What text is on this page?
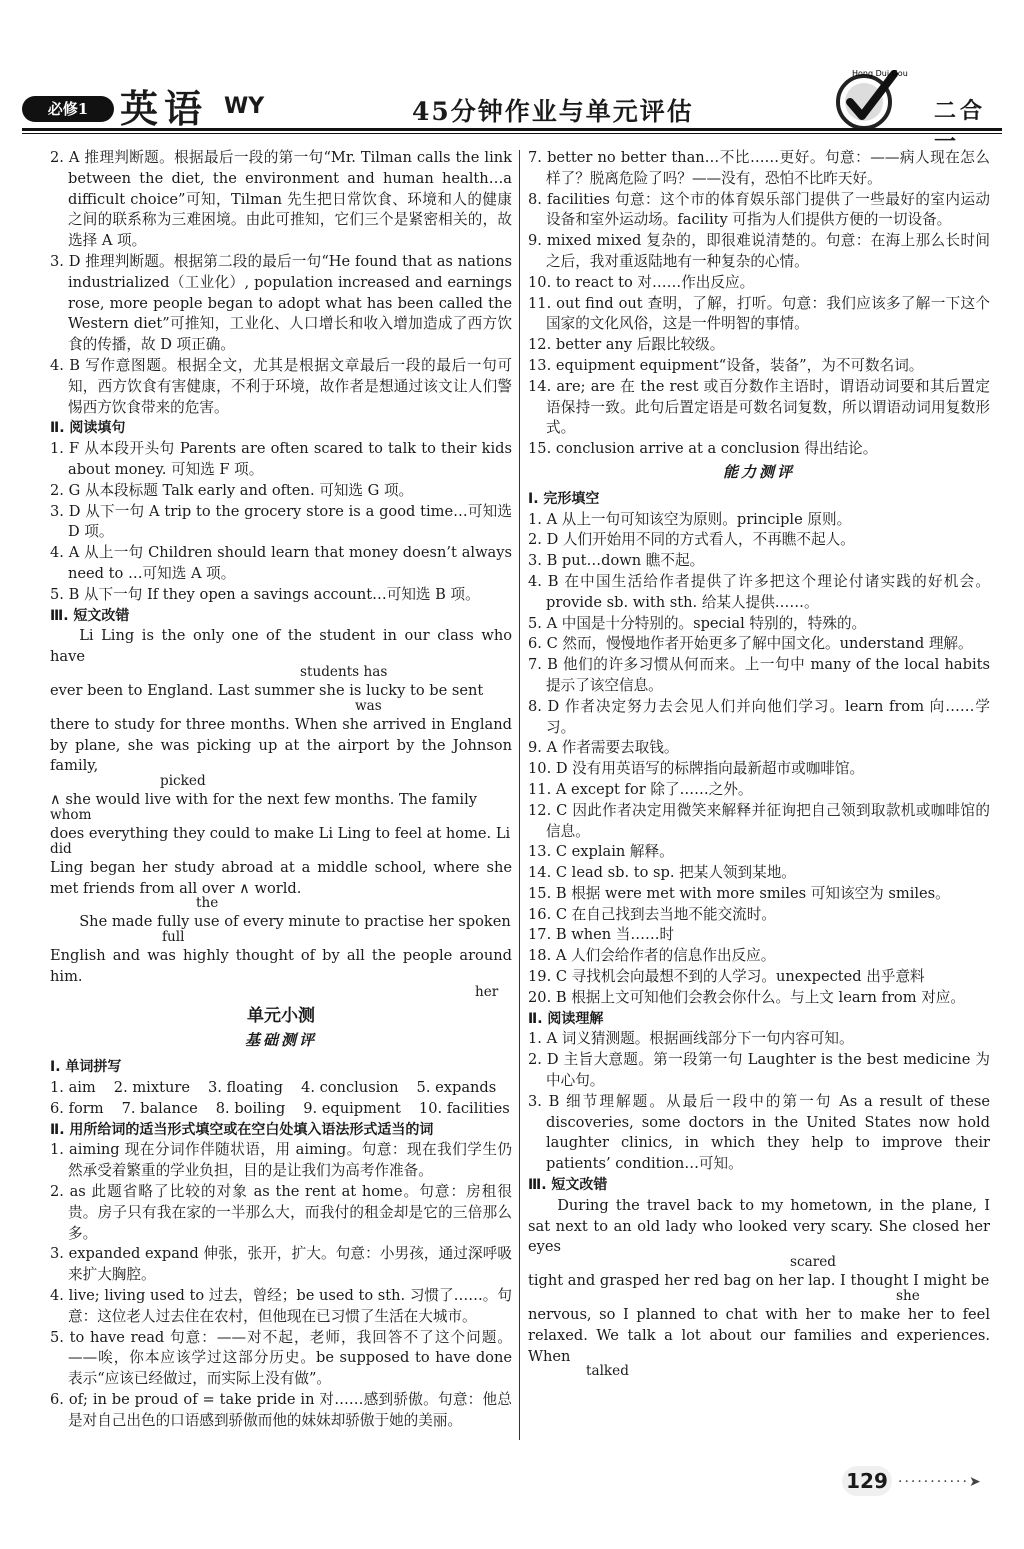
必修1 英语 WY	45分钟作业与单元评估
Hong Dui Gou
二合一

2. A 推理判断题。根据最后一段的第一句“Mr. Tilman calls the link between the diet, the environment and human health…a difficult choice”可知，Tilman 先生把日常饮食、环境和人的健康之间的联系称为三难困境。由此可推知，它们三个是紧密相关的，故选择 A 项。

3. D 推理判断题。根据第二段的最后一句“He found that as nations industrialized（工业化）, population increased and earnings rose, more people began to adopt what has been called the Western diet”可推知，工业化、人口增长和收入增加造成了西方饮食的传播，故 D 项正确。

4. B 写作意图题。根据全文，尤其是根据文章最后一段的最后一句可知，西方饮食有害健康，不利于环境，故作者是想通过该文让人们警惕西方饮食带来的危害。

Ⅱ. 阅读填句

1. F 从本段开头句 Parents are often scared to talk to their kids about money. 可知选 F 项。

2. G 从本段标题 Talk early and often. 可知选 G 项。

3. D 从下一句 A trip to the grocery store is a good time…可知选 D 项。

4. A 从上一句 Children should learn that money doesn’t always need to …可知选 A 项。

5. B 从下一句 If they open a savings account…可知选 B 项。

Ⅲ. 短文改错

Li Ling is the only one of the student in our class who have

students has

ever been to England. Last summer she is lucky to be sent

was

there to study for three months. When she arrived in England by plane, she was picking up at the airport by the Johnson family,

picked

∧ she would live with for the next few months. The family

whom

does everything they could to make Li Ling to feel at home. Li

did

Ling began her study abroad at a middle school, where she met friends from all over ∧ world.

the

She made fully use of every minute to practise her spoken

full

English and was highly thought of by all the people around him.

her

单元小测

基础测评

Ⅰ. 单词拼写

1. aim 2. mixture 3. floating 4. conclusion 5. expands
6. form 7. balance 8. boiling 9. equipment 10. facilities

Ⅱ. 用所给词的适当形式填空或在空白处填入语法形式适当的词

1. aiming 现在分词作伴随状语，用 aiming。句意：现在我们学生仍然承受着繁重的学业负担，目的是让我们为高考作准备。

2. as 此题省略了比较的对象 as the rent at home。句意：房租很贵。房子只有我在家的一半那么大，而我付的租金却是它的三倍那么多。

3. expanded expand 伸张，张开，扩大。句意：小男孩，通过深呼吸来扩大胸腔。

4. live; living used to 过去，曾经；be used to sth. 习惯了……。句意：这位老人过去住在农村，但他现在已习惯了生活在大城市。

5. to have read 句意：——对不起，老师，我回答不了这个问题。——唉，你本应该学过这部分历史。be supposed to have done 表示“应该已经做过，而实际上没有做”。

6. of; in be proud of = take pride in 对……感到骄傲。句意：他总是对自己出色的口语感到骄傲而他的妹妹却骄傲于她的美丽。

7. better no better than…不比……更好。句意：——病人现在怎么样了？脱离危险了吗？——没有，恐怕不比昨天好。

8. facilities 句意：这个市的体育娱乐部门提供了一些最好的室内运动设备和室外运动场。facility 可指为人们提供方便的一切设备。

9. mixed mixed 复杂的，即很难说清楚的。句意：在海上那么长时间之后，我对重返陆地有一种复杂的心情。

10. to react to 对……作出反应。

11. out find out 查明，了解，打听。句意：我们应该多了解一下这个国家的文化风俗，这是一件明智的事情。

12. better any 后跟比较级。

13. equipment equipment“设备，装备”，为不可数名词。

14. are; are 在 the rest 或百分数作主语时，谓语动词要和其后置定语保持一致。此句后置定语是可数名词复数，所以谓语动词用复数形式。

15. conclusion arrive at a conclusion 得出结论。

能力测评

Ⅰ. 完形填空

1. A 从上一句可知该空为原则。principle 原则。

2. D 人们开始用不同的方式看人，不再瞧不起人。

3. B put…down 瞧不起。

4. B 在中国生活给作者提供了许多把这个理论付诸实践的好机会。provide sb. with sth. 给某人提供……。

5. A 中国是十分特别的。special 特别的，特殊的。

6. C 然而，慢慢地作者开始更多了解中国文化。understand 理解。

7. B 他们的许多习惯从何而来。上一句中 many of the local habits 提示了该空信息。

8. D 作者决定努力去会见人们并向他们学习。learn from 向……学习。

9. A 作者需要去取钱。

10. D 没有用英语写的标牌指向最新超市或咖啡馆。

11. A except for 除了……之外。

12. C 因此作者决定用微笑来解释并征询把自己领到取款机或咖啡馆的信息。

13. C explain 解释。

14. C lead sb. to sp. 把某人领到某地。

15. B 根据 were met with more smiles 可知该空为 smiles。

16. C 在自己找到去当地不能交流时。

17. B when 当……时

18. A 人们会给作者的信息作出反应。

19. C 寻找机会向最想不到的人学习。unexpected 出乎意料

20. B 根据上文可知他们会教会你什么。与上文 learn from 对应。

Ⅱ. 阅读理解

1. A 词义猜测题。根据画线部分下一句内容可知。

2. D 主旨大意题。第一段第一句 Laughter is the best medicine 为中心句。

3. B 细节理解题。从最后一段中的第一句 As a result of these discoveries, some doctors in the United States now hold laughter clinics, in which they help to improve their patients’ condition…可知。

Ⅲ. 短文改错

During the travel back to my hometown, in the plane, I sat next to an old lady who looked very scary. She closed her eyes

scared

tight and grasped her red bag on her lap. I thought I might be

she

nervous, so I planned to chat with her to make her to feel relaxed. We talk a lot about our families and experiences. When

talked

129 ···········➤
